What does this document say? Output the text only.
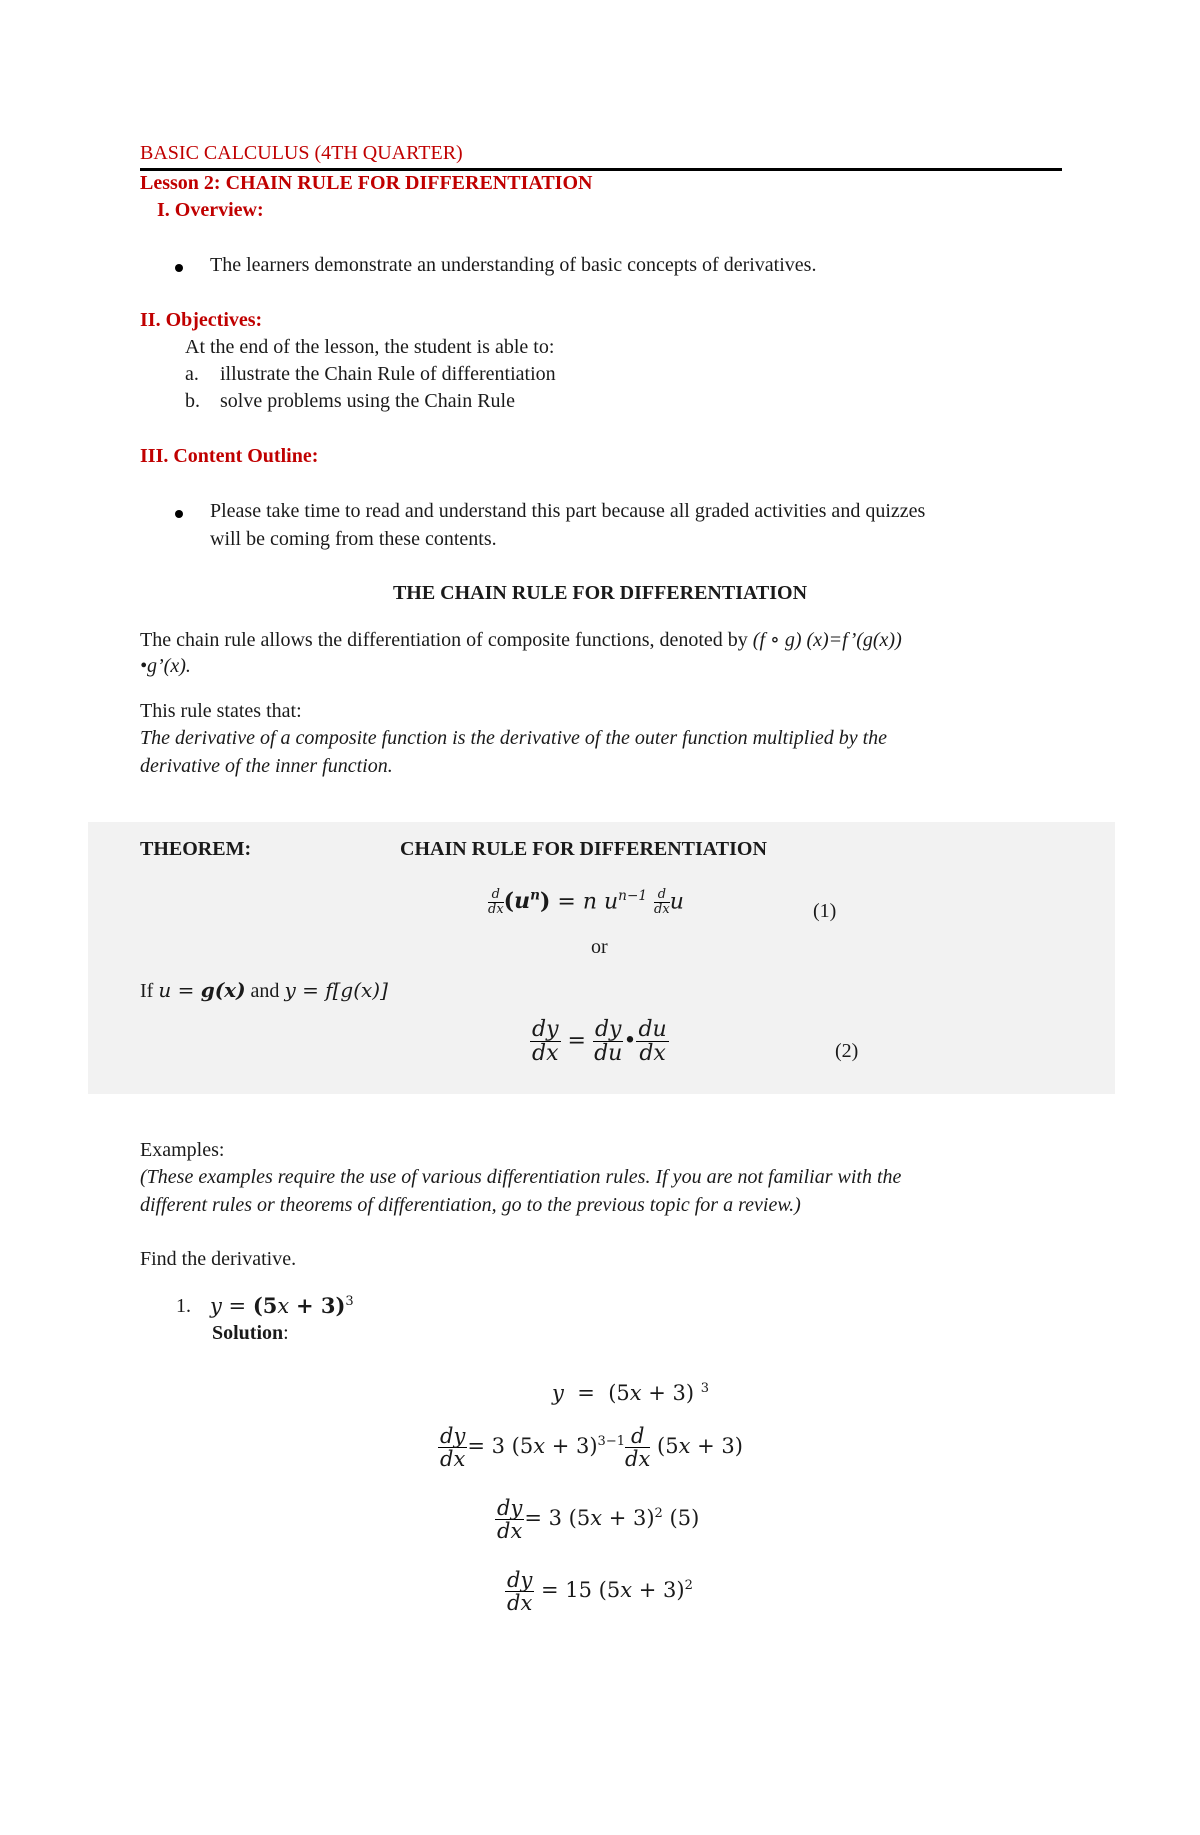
BASIC CALCULUS (4TH QUARTER)
Lesson 2: CHAIN RULE FOR DIFFERENTIATION
I. Overview:
The learners demonstrate an understanding of basic concepts of derivatives.
II. Objectives:
At the end of the lesson, the student is able to:
a. illustrate the Chain Rule of differentiation
b. solve problems using the Chain Rule
III. Content Outline:
Please take time to read and understand this part because all graded activities and quizzes
will be coming from these contents.
THE CHAIN RULE FOR DIFFERENTIATION
The chain rule allows the differentiation of composite functions, denoted by (f ∘ g) (x)=f’(g(x))
•g’(x).
This rule states that:
The derivative of a composite function is the derivative of the outer function multiplied by the
derivative of the inner function.
THEOREM:	CHAIN RULE FOR DIFFERENTIATION
$\frac{d}{dx} (u^n) = n$ $u^{n-1} \frac{d}{dx}$ u	(1)
or
If u = g(x) and y = f[g(x)]
$\frac{dy}{dx} = \frac{dy}{du}$ • $\frac{du}{dx}$	(2)
Examples:
(These examples require the use of various differentiation rules. If you are not familiar with the
different rules or theorems of differentiation, go to the previous topic for a review.)
Find the derivative.
1. $y = (5x + 3)^3$
Solution:
y  = (5x + 3) $^3$
$\frac{dy}{dx} = 3$ $(5x + 3)^{3-1} \frac{d}{dx} (5x + 3)$
$\frac{dy}{dx} = 3$ $(5x + 3)^2$ (5)
$\frac{dy}{dx} = 15$ $(5x + 3)^2$
